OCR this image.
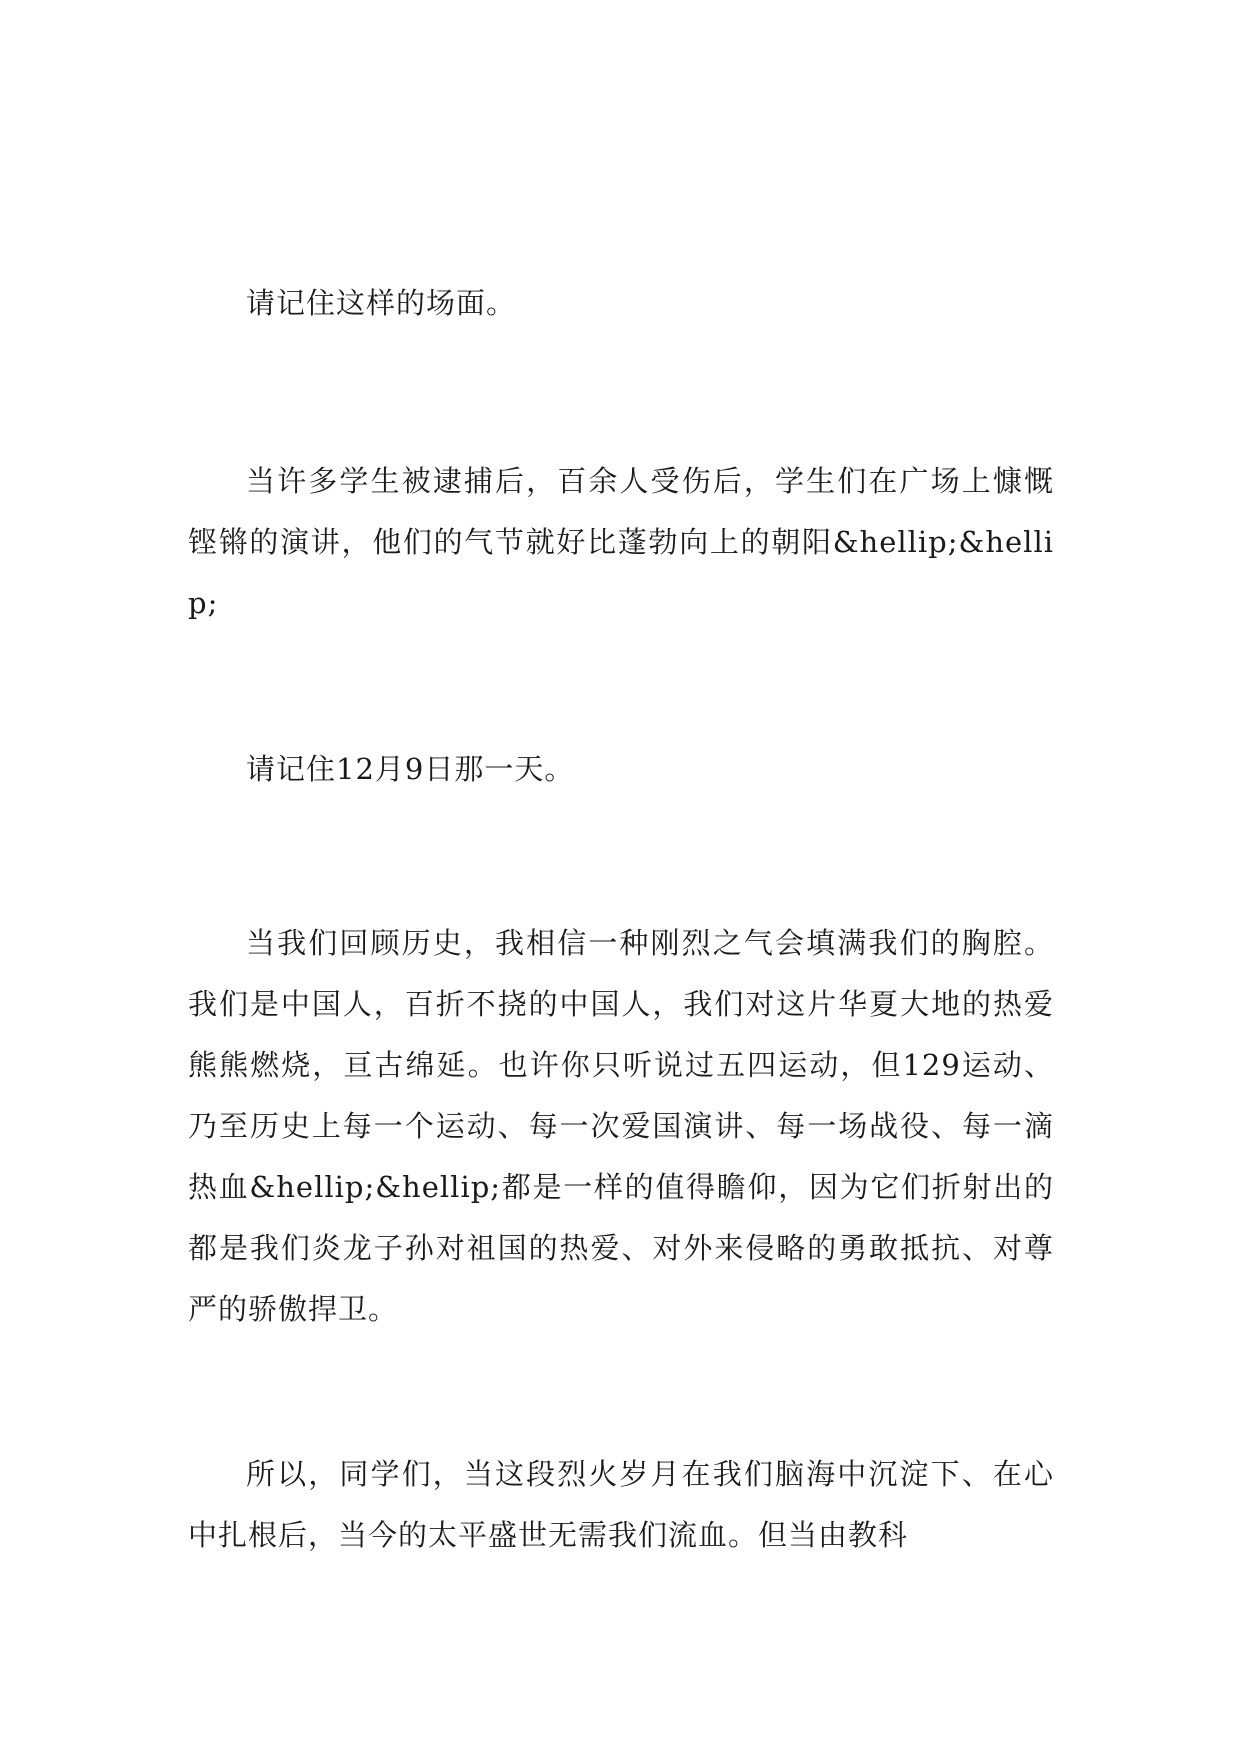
请记住这样的场面。

当许多学生被逮捕后，百余人受伤后，学生们在广场上慷慨铿锵的演讲，他们的气节就好比蓬勃向上的朝阳&hellip;&hellip;

请记住12月9日那一天。

当我们回顾历史，我相信一种刚烈之气会填满我们的胸腔。我们是中国人，百折不挠的中国人，我们对这片华夏大地的热爱熊熊燃烧，亘古绵延。也许你只听说过五四运动，但129运动、乃至历史上每一个运动、每一次爱国演讲、每一场战役、每一滴热血&hellip;&hellip;都是一样的值得瞻仰，因为它们折射出的都是我们炎龙子孙对祖国的热爱、对外来侵略的勇敢抵抗、对尊严的骄傲捍卫。

所以，同学们，当这段烈火岁月在我们脑海中沉淀下、在心中扎根后，当今的太平盛世无需我们流血。但当由教科
